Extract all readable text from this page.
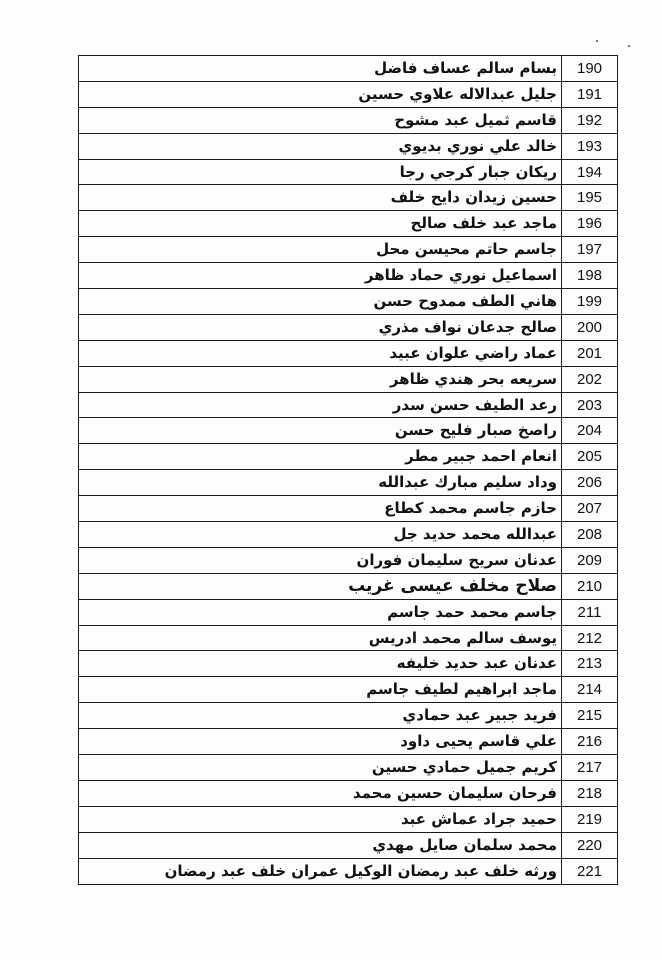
بسام سالم عساف فاضل	190
جليل عبدالاله علاوي حسين	191
قاسم ثميل عبد مشوح	192
خالد علي نوري بديوي	193
ريكان جبار كرجي رجا	194
حسين زيدان دايح خلف	195
ماجد عبد خلف صالح	196
جاسم حاتم محيسن محل	197
اسماعيل نوري حماد ظاهر	198
هاني الطف ممدوح حسن	199
صالح جدعان نواف مذري	200
عماد راضي علوان عبيد	201
سريعه بحر هندي ظاهر	202
رعد الطيف حسن سدر	203
راصخ صبار فليح حسن	204
انعام احمد جبير مطر	205
وداد سليم مبارك عبدالله	206
حازم جاسم محمد كطاع	207
عبدالله محمد حديد جل	208
عدنان سريح سليمان فوران	209
صلاح مخلف عيسى غريب	210
جاسم محمد حمد جاسم	211
يوسف سالم محمد ادريس	212
عدنان عبد حديد خليفه	213
ماجد ابراهيم لطيف جاسم	214
فريد جبير عبد حمادي	215
علي قاسم يحيى داود	216
كريم جميل حمادي حسين	217
فرحان سليمان حسين محمد	218
حميد جراد عماش عبد	219
محمد سلمان صايل مهدي	220
ورثه خلف عبد رمضان الوكيل عمران خلف عبد رمضان	221
